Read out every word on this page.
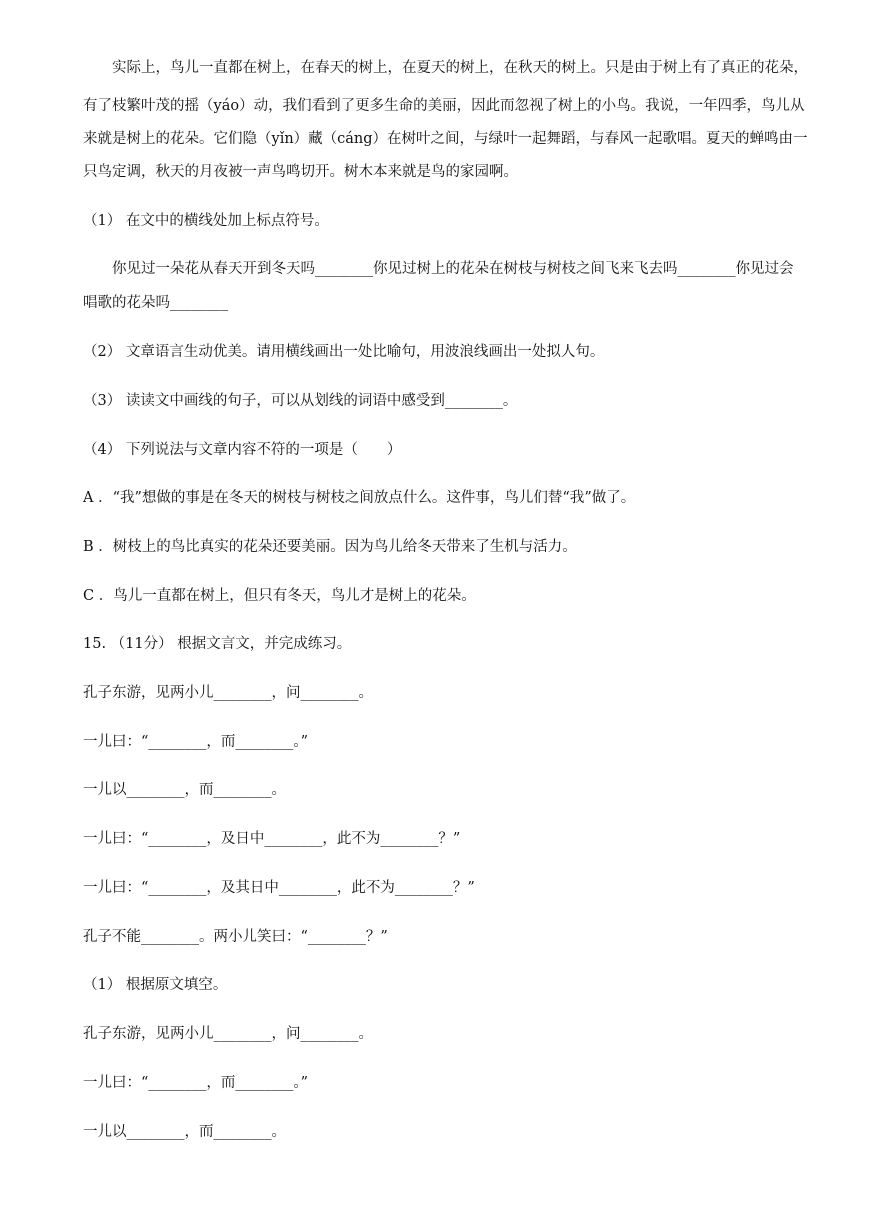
　　实际上，鸟儿一直都在树上，在春天的树上，在夏天的树上，在秋天的树上。只是由于树上有了真正的花朵，
有了枝繁叶茂的摇（yáo）动，我们看到了更多生命的美丽，因此而忽视了树上的小鸟。我说，一年四季，鸟儿从
来就是树上的花朵。它们隐（yǐn）藏（cáng）在树叶之间，与绿叶一起舞蹈，与春风一起歌唱。夏天的蝉鸣由一
只鸟定调，秋天的月夜被一声鸟鸣切开。树木本来就是鸟的家园啊。
（1） 在文中的横线处加上标点符号。
　　你见过一朵花从春天开到冬天吗________你见过树上的花朵在树枝与树枝之间飞来飞去吗________你见过会
唱歌的花朵吗________
（2） 文章语言生动优美。请用横线画出一处比喻句，用波浪线画出一处拟人句。
（3） 读读文中画线的句子，可以从划线的词语中感受到________。
（4） 下列说法与文章内容不符的一项是（　　）
A ．“我”想做的事是在冬天的树枝与树枝之间放点什么。这件事，鸟儿们替“我”做了。
B ．树枝上的鸟比真实的花朵还要美丽。因为鸟儿给冬天带来了生机与活力。
C ．鸟儿一直都在树上，但只有冬天，鸟儿才是树上的花朵。
15. （11分） 根据文言文，并完成练习。
孔子东游，见两小儿________，问________。
一儿曰：“________，而________。”
一儿以________，而________。
一儿曰：“________，及日中________，此不为________？”
一儿曰：“________，及其日中________，此不为________？”
孔子不能________。两小儿笑曰：“________？”
（1） 根据原文填空。
孔子东游，见两小儿________，问________。
一儿曰：“________，而________。”
一儿以________，而________。
